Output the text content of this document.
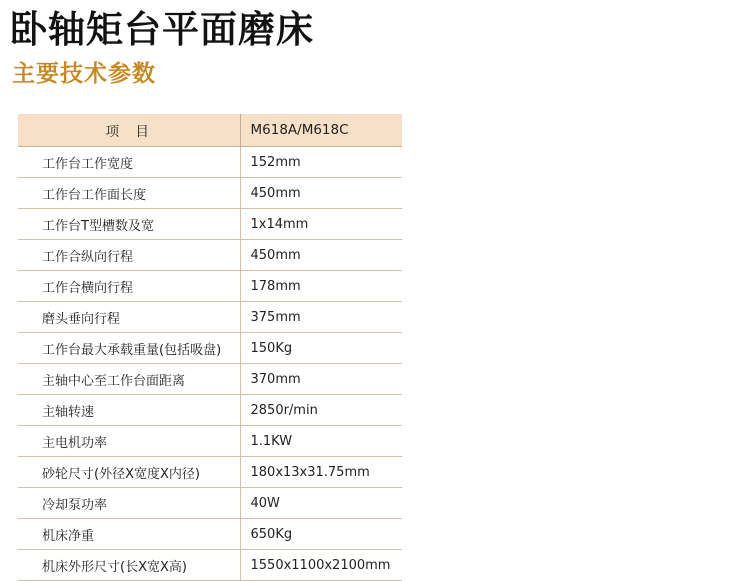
卧轴矩台平面磨床
主要技术参数
项 目	M618A/M618C
工作台工作宽度	152mm
工作台工作面长度	450mm
工作台T型槽数及宽	1x14mm
工作合纵向行程	450mm
工作合横向行程	178mm
磨头垂向行程	375mm
工作台最大承载重量(包括吸盘)	150Kg
主轴中心至工作台面距离	370mm
主轴转速	2850r/min
主电机功率	1.1KW
砂轮尺寸(外径X宽度X内径)	180x13x31.75mm
冷却泵功率	40W
机床净重	650Kg
机床外形尺寸(长X宽X高)	1550x1100x2100mm
